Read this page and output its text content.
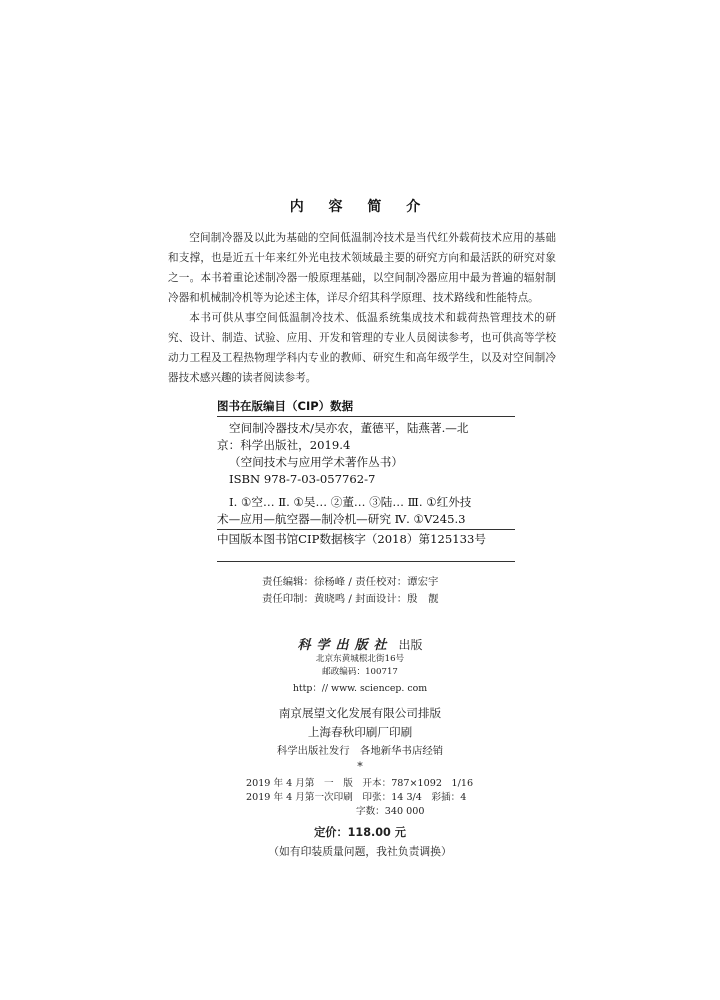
内 容 简 介

空间制冷器及以此为基础的空间低温制冷技术是当代红外载荷技术应用的基础和支撑，也是近五十年来红外光电技术领域最主要的研究方向和最活跃的研究对象之一。本书着重论述制冷器一般原理基础，以空间制冷器应用中最为普遍的辐射制冷器和机械制冷机等为论述主体，详尽介绍其科学原理、技术路线和性能特点。

本书可供从事空间低温制冷技术、低温系统集成技术和载荷热管理技术的研究、设计、制造、试验、应用、开发和管理的专业人员阅读参考，也可供高等学校动力工程及工程热物理学科内专业的教师、研究生和高年级学生，以及对空间制冷器技术感兴趣的读者阅读参考。

图书在版编目（CIP）数据
空间制冷器技术/吴亦农，董德平，陆燕著.—北
京：科学出版社，2019.4
（空间技术与应用学术著作丛书）
ISBN 978-7-03-057762-7
Ⅰ. ①空… Ⅱ. ①吴… ②董… ③陆… Ⅲ. ①红外技
术—应用—航空器—制冷机—研究 Ⅳ. ①V245.3
中国版本图书馆CIP数据核字（2018）第125133号
责任编辑：徐杨峰 / 责任校对：谭宏宇
责任印制：黄晓鸣 / 封面设计：殷　靓
科学出版社 出版
北京东黄城根北街16号
邮政编码：100717
http：// www. sciencep. com
南京展望文化发展有限公司排版
上海春秋印刷厂印刷
科学出版社发行　各地新华书店经销
*
2019 年 4 月第　一　版　开本：787×1092　1/16
2019 年 4 月第一次印刷　印张：14 3/4　彩插：4
字数：340 000
定价：118.00 元
（如有印装质量问题，我社负责调换）
